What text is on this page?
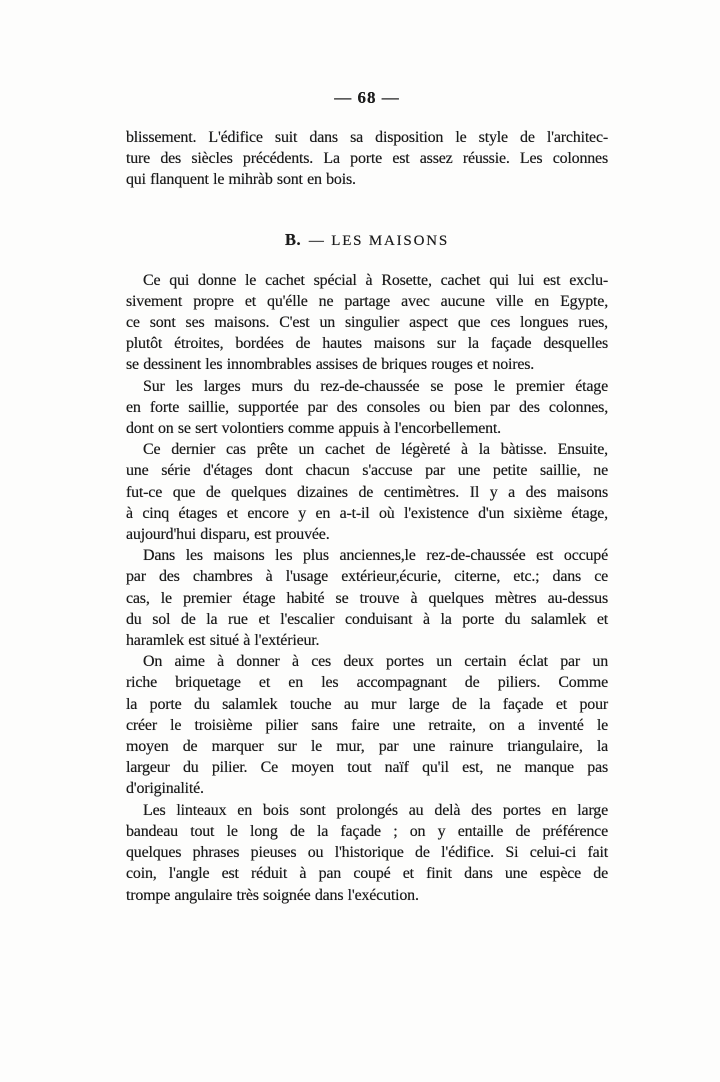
— 68 —
blissement. L'édifice suit dans sa disposition le style de l'architec-
ture des siècles précédents. La porte est assez réussie. Les colonnes
qui flanquent le mihràb sont en bois.
B. — LES MAISONS
Ce qui donne le cachet spécial à Rosette, cachet qui lui est exclu-
sivement propre et qu'élle ne partage avec aucune ville en Egypte,
ce sont ses maisons. C'est un singulier aspect que ces longues rues,
plutôt étroites, bordées de hautes maisons sur la façade desquelles
se dessinent les innombrables assises de briques rouges et noires.
Sur les larges murs du rez-de-chaussée se pose le premier étage
en forte saillie, supportée par des consoles ou bien par des colonnes,
dont on se sert volontiers comme appuis à l'encorbellement.
Ce dernier cas prête un cachet de légèreté à la bàtisse. Ensuite,
une série d'étages dont chacun s'accuse par une petite saillie, ne
fut-ce que de quelques dizaines de centimètres. Il y a des maisons
à cinq étages et encore y en a-t-il où l'existence d'un sixième étage,
aujourd'hui disparu, est prouvée.
Dans les maisons les plus anciennes,le rez-de-chaussée est occupé
par des chambres à l'usage extérieur,écurie, citerne, etc.; dans ce
cas, le premier étage habité se trouve à quelques mètres au-dessus
du sol de la rue et l'escalier conduisant à la porte du salamlek et
haramlek est situé à l'extérieur.
On aime à donner à ces deux portes un certain éclat par un
riche briquetage et en les accompagnant de piliers. Comme
la porte du salamlek touche au mur large de la façade et pour
créer le troisième pilier sans faire une retraite, on a inventé le
moyen de marquer sur le mur, par une rainure triangulaire, la
largeur du pilier. Ce moyen tout naïf qu'il est, ne manque pas
d'originalité.
Les linteaux en bois sont prolongés au delà des portes en large
bandeau tout le long de la façade ; on y entaille de préférence
quelques phrases pieuses ou l'historique de l'édifice. Si celui-ci fait
coin, l'angle est réduit à pan coupé et finit dans une espèce de
trompe angulaire très soignée dans l'exécution.
